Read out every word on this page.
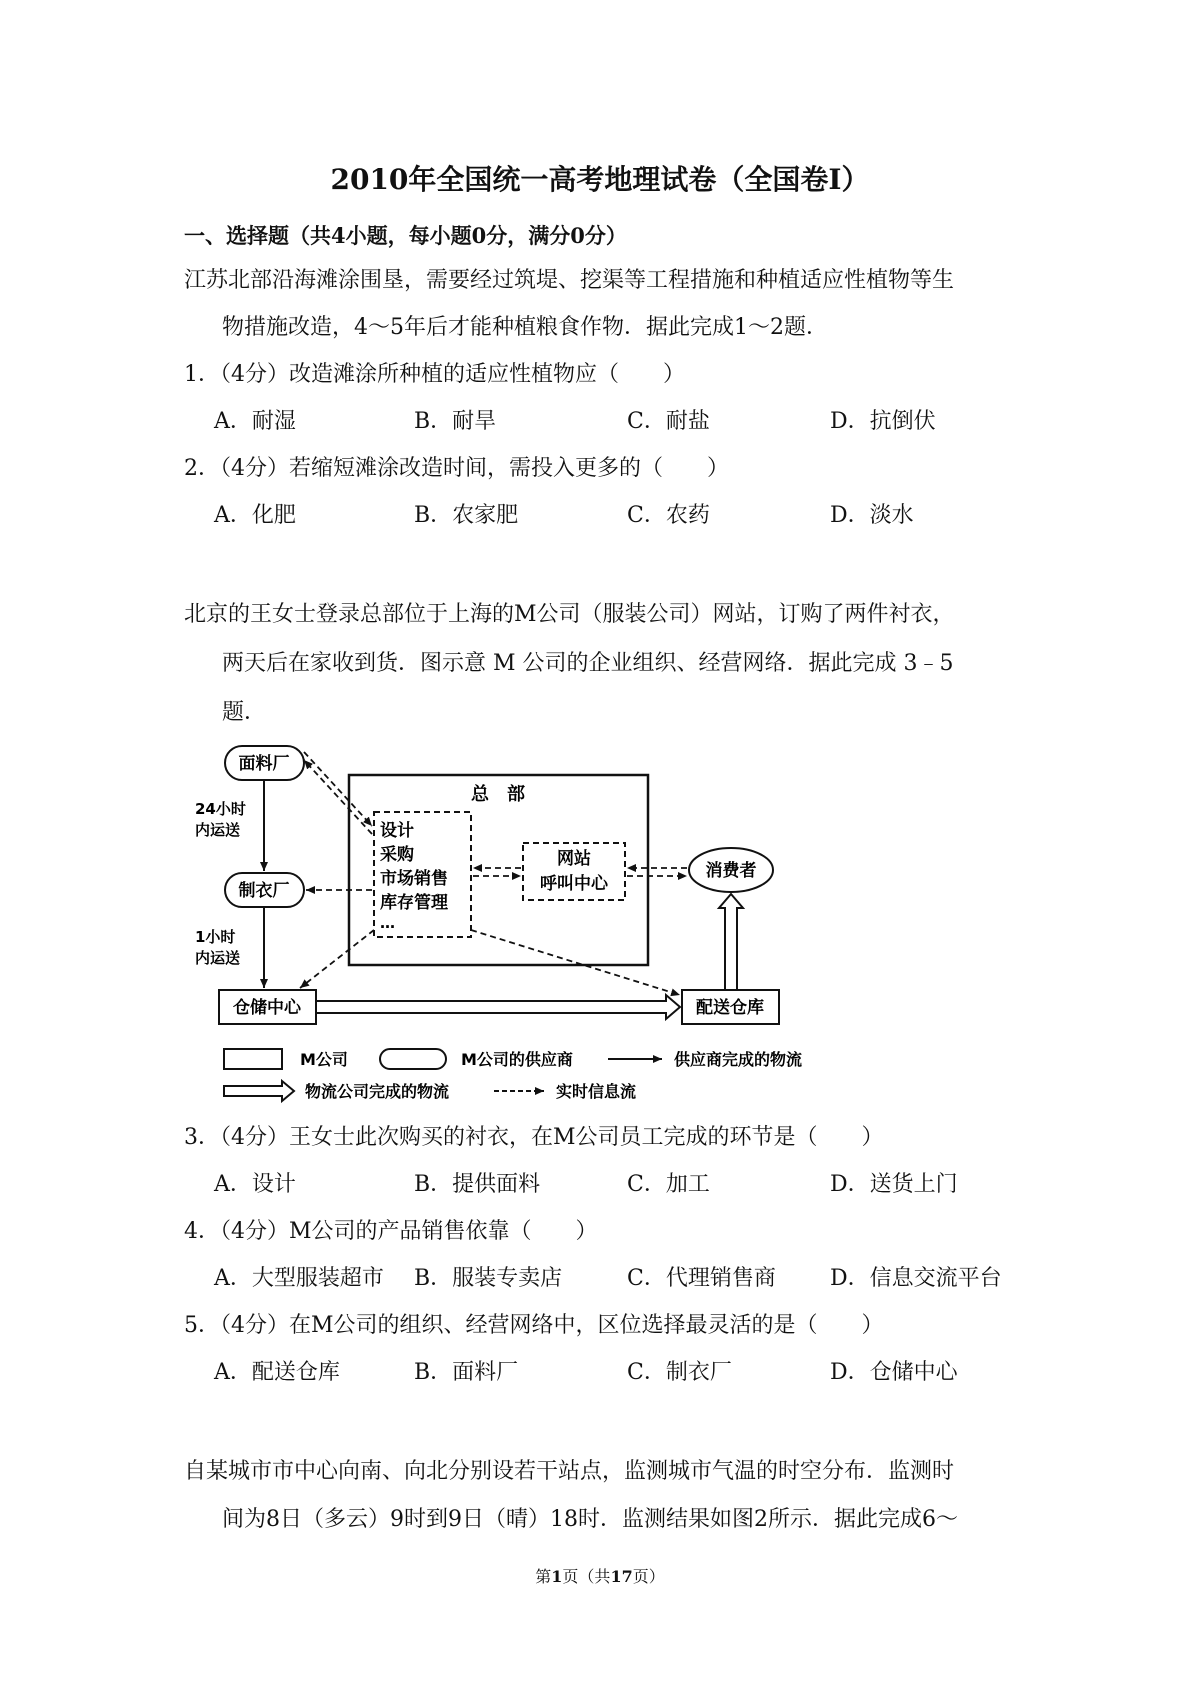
2010年全国统一高考地理试卷（全国卷Ⅰ）
一、选择题（共4小题，每小题0分，满分0分）
江苏北部沿海滩涂围垦，需要经过筑堤、挖渠等工程措施和种植适应性植物等生
物措施改造，4～5年后才能种植粮食作物．据此完成1～2题．
1．（4分）改造滩涂所种植的适应性植物应（　　）
A．耐湿	B．耐旱	C．耐盐	D．抗倒伏
2．（4分）若缩短滩涂改造时间，需投入更多的（　　）
A．化肥	B．农家肥	C．农药	D．淡水
北京的王女士登录总部位于上海的M公司（服装公司）网站，订购了两件衬衣，
两天后在家收到货．图示意 M 公司的企业组织、经营网络．据此完成 3﹣5
题．
总　部
设计
采购
市场销售
库存管理
…
网站
呼叫中心
面料厂
制衣厂
仓储中心	配送仓库
消费者
24小时
内运送
1小时
内运送
M公司	M公司的供应商	供应商完成的物流
物流公司完成的物流	实时信息流
3．（4分）王女士此次购买的衬衣，在M公司员工完成的环节是（　　）
A．设计	B．提供面料	C．加工	D．送货上门
4．（4分）M公司的产品销售依靠（　　）
A．大型服装超市 B．服装专卖店	C．代理销售商 D．信息交流平台
5．（4分）在M公司的组织、经营网络中，区位选择最灵活的是（　　）
A．配送仓库	B．面料厂	C．制衣厂	D．仓储中心
自某城市市中心向南、向北分别设若干站点，监测城市气温的时空分布．监测时
间为8日（多云）9时到9日（晴）18时．监测结果如图2所示．据此完成6～
第1页（共17页）
